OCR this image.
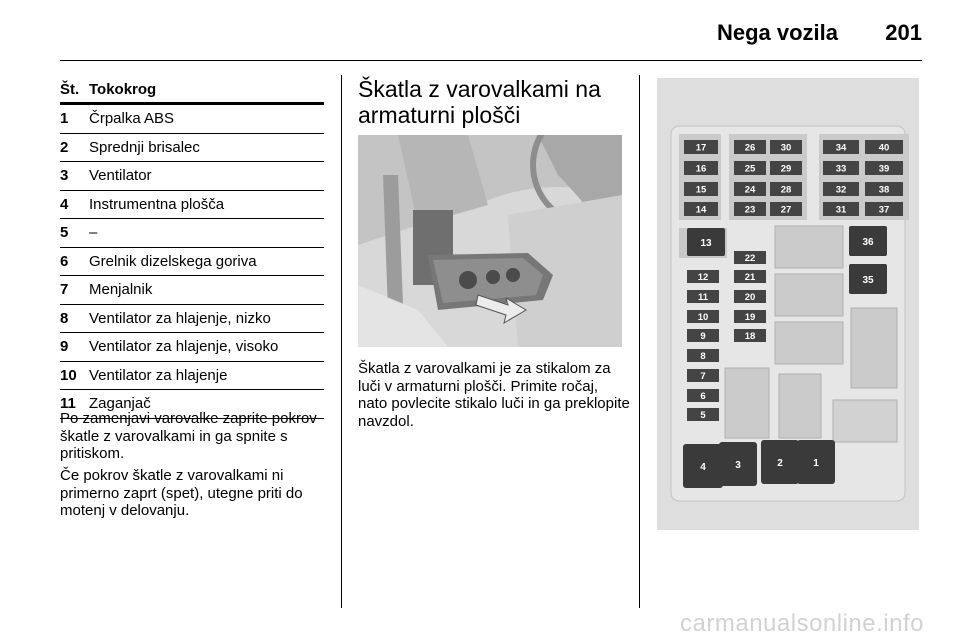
Nega vozila 201
Št. Tokokrog
1	Črpalka ABS
2	Sprednji brisalec
3	Ventilator
4	Instrumentna plošča
5	–
6	Grelnik dizelskega goriva
7	Menjalnik
8	Ventilator za hlajenje, nizko
9	Ventilator za hlajenje, visoko
10 Ventilator za hlajenje
11 Zaganjač

Po zamenjavi varovalke zaprite pokrov škatle z varovalkami in ga spnite s pritiskom.

Če pokrov škatle z varovalkami ni primerno zaprt (spet), utegne priti do motenj v delovanju.

Škatla z varovalkami na armaturni plošči

Škatla z varovalkami je za stikalom za luči v armaturni plošči. Primite ročaj, nato povlecite stikalo luči in ga preklopite navzdol.

17	26	30	34	40
16	25	29	33	39
15	24	28	32	38
14	23	27	31	37
13	36
35
12
11
10
9
8
7
6
5
22
21
20
19
18
4	3	2	1
carmanualsonline.info
